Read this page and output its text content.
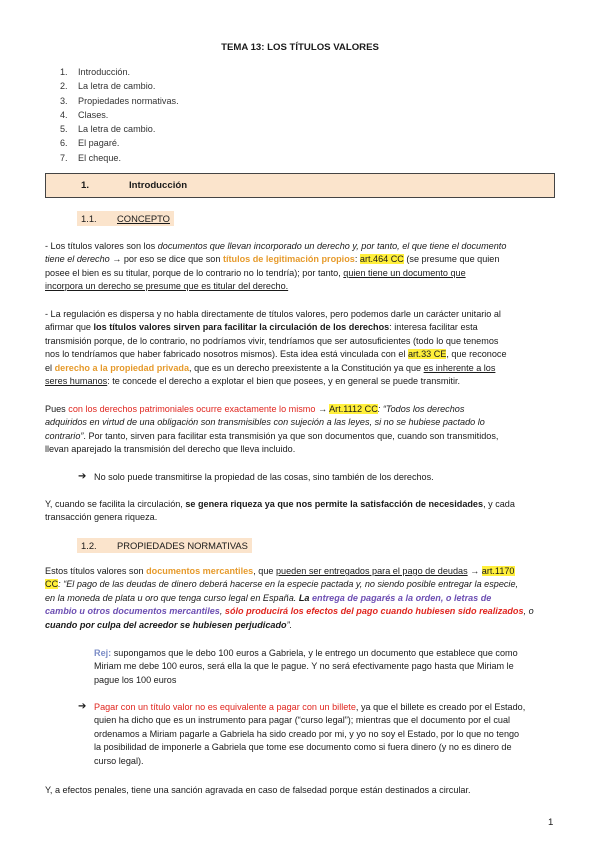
TEMA 13: LOS TÍTULOS VALORES
1. Introducción.
2. La letra de cambio.
3. Propiedades normativas.
4. Clases.
5. La letra de cambio.
6. El pagaré.
7. El cheque.
1.	Introducción
1.1. CONCEPTO
- Los títulos valores son los documentos que llevan incorporado un derecho y, por tanto, el que tiene el documento
tiene el derecho → por eso se dice que son títulos de legitimación propios: art.464 CC (se presume que quien
posee el bien es su titular, porque de lo contrario no lo tendría); por tanto, quien tiene un documento que
incorpora un derecho se presume que es titular del derecho.
- La regulación es dispersa y no habla directamente de títulos valores, pero podemos darle un carácter unitario al
afirmar que los títulos valores sirven para facilitar la circulación de los derechos: interesa facilitar esta
transmisión porque, de lo contrario, no podríamos vivir, tendríamos que ser autosuficientes (todo lo que tenemos
nos lo tendríamos que haber fabricado nosotros mismos). Esta idea está vinculada con el art.33 CE, que reconoce
el derecho a la propiedad privada, que es un derecho preexistente a la Constitución ya que es inherente a los
seres humanos: te concede el derecho a explotar el bien que posees, y en general se puede transmitir.
Pues con los derechos patrimoniales ocurre exactamente lo mismo → Art.1112 CC: “Todos los derechos
adquiridos en virtud de una obligación son transmisibles con sujeción a las leyes, si no se hubiese pactado lo
contrario”. Por tanto, sirven para facilitar esta transmisión ya que son documentos que, cuando son transmitidos,
llevan aparejado la transmisión del derecho que lleva incluido.
➔ No solo puede transmitirse la propiedad de las cosas, sino también de los derechos.
Y, cuando se facilita la circulación, se genera riqueza ya que nos permite la satisfacción de necesidades, y cada
transacción genera riqueza.
1.2. PROPIEDADES NORMATIVAS
Estos títulos valores son documentos mercantiles, que pueden ser entregados para el pago de deudas → art.1170
CC: “El pago de las deudas de dinero deberá hacerse en la especie pactada y, no siendo posible entregar la especie,
en la moneda de plata u oro que tenga curso legal en España. La entrega de pagarés a la orden, o letras de
cambio u otros documentos mercantiles, sólo producirá los efectos del pago cuando hubiesen sido realizados, o
cuando por culpa del acreedor se hubiesen perjudicado”.
Rej: supongamos que le debo 100 euros a Gabriela, y le entrego un documento que establece que como
Miriam me debe 100 euros, será ella la que le pague. Y no será efectivamente pago hasta que Miriam le
pague los 100 euros
➔ Pagar con un título valor no es equivalente a pagar con un billete, ya que el billete es creado por el Estado,
quien ha dicho que es un instrumento para pagar (“curso legal”); mientras que el documento por el cual
ordenamos a Miriam pagarle a Gabriela ha sido creado por mi, y yo no soy el Estado, por lo que no tengo
la posibilidad de imponerle a Gabriela que tome ese documento como si fuera dinero (y no es dinero de
curso legal).
Y, a efectos penales, tiene una sanción agravada en caso de falsedad porque están destinados a circular.
1
